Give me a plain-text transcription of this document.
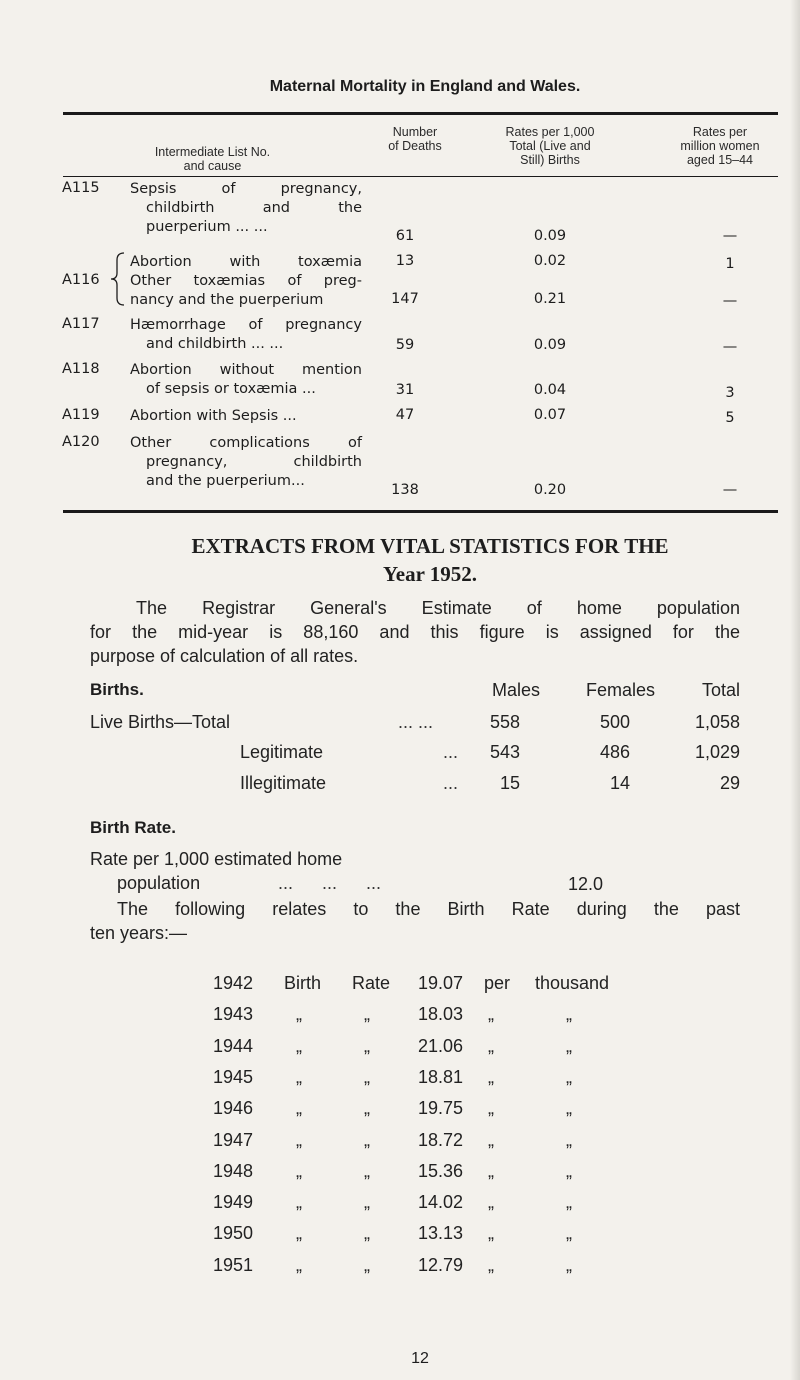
Maternal Mortality in England and Wales.
Intermediate List No.
and cause
Number
of Deaths
Rates per 1,000
Total (Live and
Still) Births
Rates per
million women
aged 15–44
A115 Sepsis of pregnancy,
childbirth and the
puerperium ... ...
61	0.09	—
A116
Abortion with toxæmia	13	0.02	1
Other toxæmias of preg-
nancy and the puerperium	147	0.21	—
A117 Hæmorrhage of pregnancy
and childbirth ... ...	59	0.09	—
A118 Abortion without mention
of sepsis or toxæmia ...	31	0.04	3
A119 Abortion with Sepsis ...	47	0.07	5
A120 Other complications of
pregnancy, childbirth
and the puerperium...
138	0.20	—
EXTRACTS FROM VITAL STATISTICS FOR THE
Year 1952.
The Registrar General's Estimate of home population
for the mid-year is 88,160 and this figure is assigned for the
purpose of calculation of all rates.
Births.	Males	Females	Total
Live Births—Total	... ...	558	500	1,058
Legitimate	...	543	486	1,029
Illegitimate	...	15	14	29
Birth Rate.
Rate per 1,000 estimated home
population	... ... ...	12.0
The following relates to the Birth Rate during the past
ten years:—
1942 Birth Rate 19.07 per thousand
1943 „	„	18.03 „	„
1944 „	„	21.06 „	„
1945 „	„	18.81 „	„
1946 „	„	19.75 „	„
1947 „	„	18.72 „	„
1948 „	„	15.36 „	„
1949 „	„	14.02 „	„
1950 „	„	13.13 „	„
1951 „	„	12.79 „	„
12
